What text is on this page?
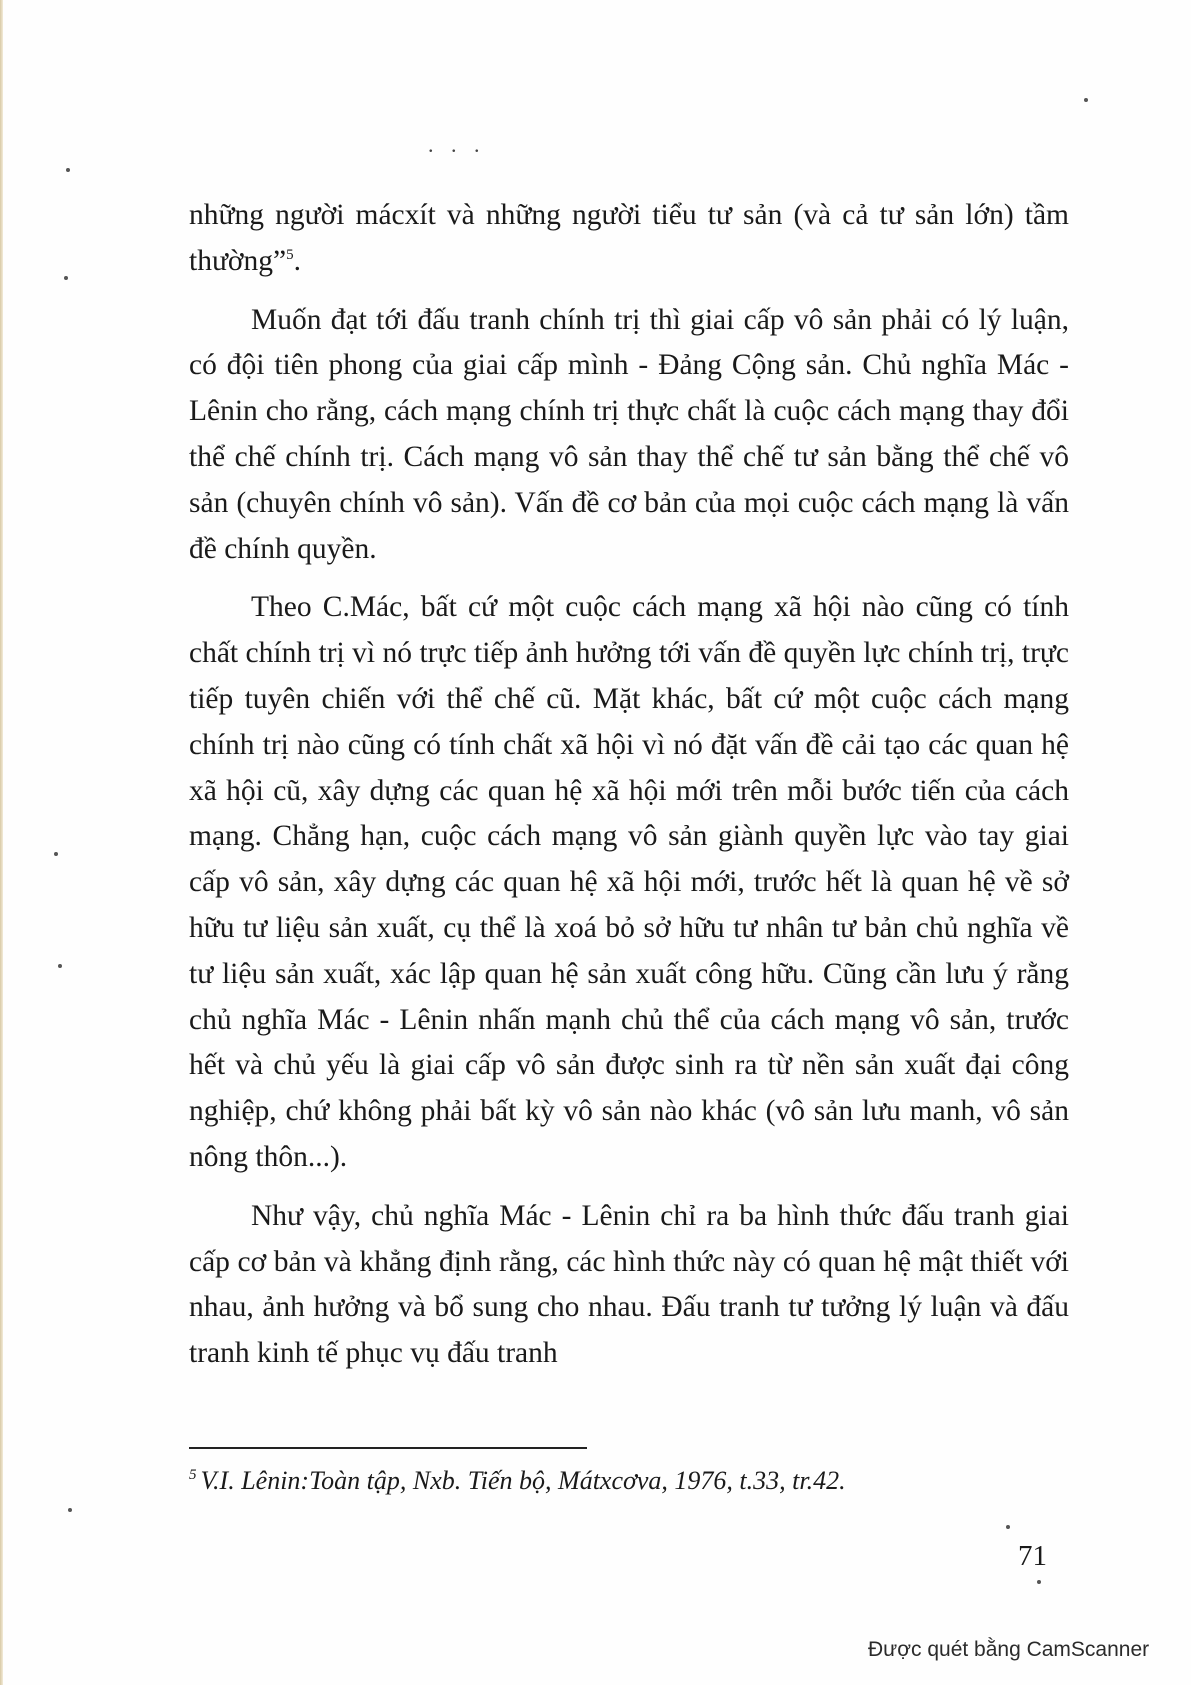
. . .

những người mácxít và những người tiểu tư sản (và cả tư sản lớn) tầm thường”$^5$.

Muốn đạt tới đấu tranh chính trị thì giai cấp vô sản phải có lý luận, có đội tiên phong của giai cấp mình - Đảng Cộng sản. Chủ nghĩa Mác - Lênin cho rằng, cách mạng chính trị thực chất là cuộc cách mạng thay đổi thể chế chính trị. Cách mạng vô sản thay thể chế tư sản bằng thể chế vô sản (chuyên chính vô sản). Vấn đề cơ bản của mọi cuộc cách mạng là vấn đề chính quyền.

Theo C.Mác, bất cứ một cuộc cách mạng xã hội nào cũng có tính chất chính trị vì nó trực tiếp ảnh hưởng tới vấn đề quyền lực chính trị, trực tiếp tuyên chiến với thể chế cũ. Mặt khác, bất cứ một cuộc cách mạng chính trị nào cũng có tính chất xã hội vì nó đặt vấn đề cải tạo các quan hệ xã hội cũ, xây dựng các quan hệ xã hội mới trên mỗi bước tiến của cách mạng. Chẳng hạn, cuộc cách mạng vô sản giành quyền lực vào tay giai cấp vô sản, xây dựng các quan hệ xã hội mới, trước hết là quan hệ về sở hữu tư liệu sản xuất, cụ thể là xoá bỏ sở hữu tư nhân tư bản chủ nghĩa về tư liệu sản xuất, xác lập quan hệ sản xuất công hữu. Cũng cần lưu ý rằng chủ nghĩa Mác - Lênin nhấn mạnh chủ thể của cách mạng vô sản, trước hết và chủ yếu là giai cấp vô sản được sinh ra từ nền sản xuất đại công nghiệp, chứ không phải bất kỳ vô sản nào khác (vô sản lưu manh, vô sản nông thôn...).

Như vậy, chủ nghĩa Mác - Lênin chỉ ra ba hình thức đấu tranh giai cấp cơ bản và khẳng định rằng, các hình thức này có quan hệ mật thiết với nhau, ảnh hưởng và bổ sung cho nhau. Đấu tranh tư tưởng lý luận và đấu tranh kinh tế phục vụ đấu tranh

$^5$ V.I. Lênin:Toàn tập, Nxb. Tiến bộ, Mátxcơva, 1976, t.33, tr.42.
71
Được quét bằng CamScanner
